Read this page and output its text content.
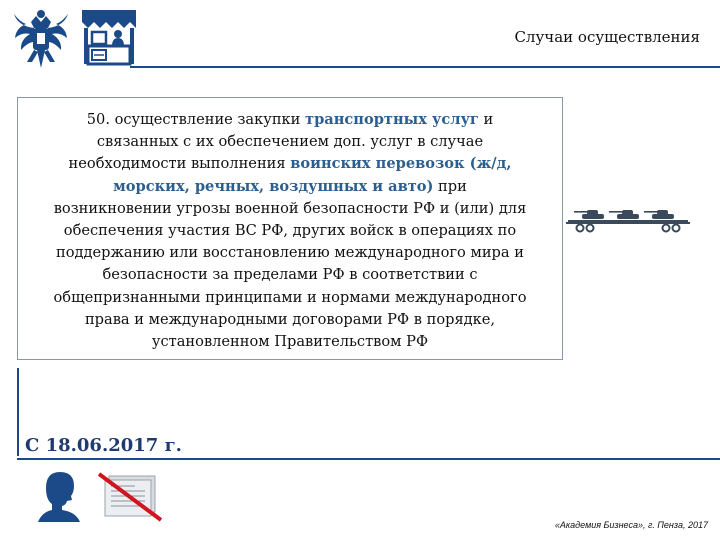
Случаи осуществления
50. осуществление закупки транспортных услуг и
связанных с их обеспечением доп. услуг в случае
необходимости выполнения воинских перевозок (ж/д,
морских, речных, воздушных и авто) при
возникновении угрозы военной безопасности РФ и (или) для
обеспечения участия ВС РФ, других войск в операциях по
поддержанию или восстановлению международного мира и
безопасности за пределами РФ в соответствии с
общепризнанными принципами и нормами международного
права и международными договорами РФ в порядке,
установленном Правительством РФ
С 18.06.2017 г.
«Академия Бизнеса», г. Пенза, 2017
